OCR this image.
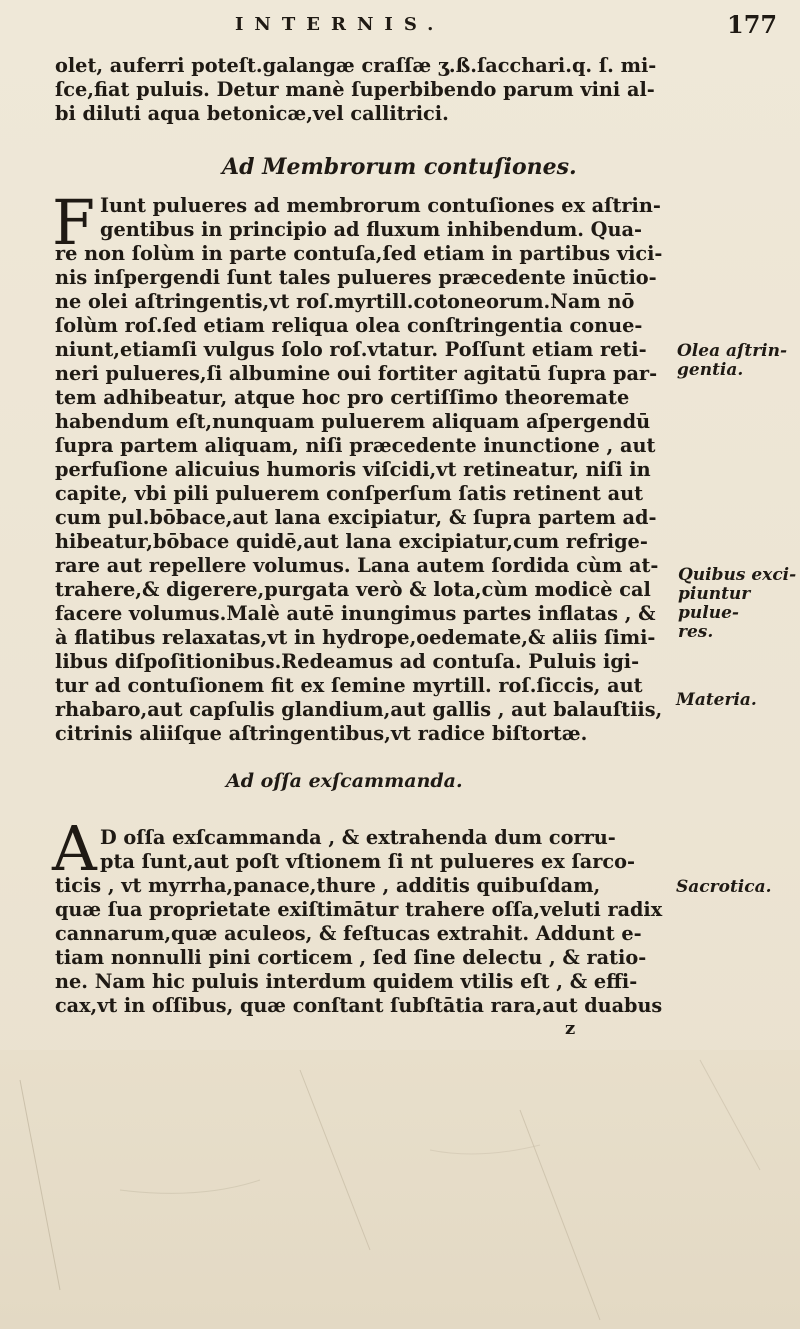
INTERNIS.	177
olet, auferri poteſt.galangæ craſſæ ʒ.ß.ſacchari.q. ſ. mi-
ſce,fiat puluis. Detur manè ſuperbibendo parum vini al-
bi diluti aqua betonicæ,vel callitrici.
Ad Membrorum contuſiones.
F Iunt pulueres ad membrorum contuſiones ex aſtrin-
gentibus in principio ad fluxum inhibendum. Qua-
re non ſolùm in parte contuſa,ſed etiam in partibus vici-
nis inſpergendi ſunt tales pulueres præcedente inūctio-
ne olei aſtringentis,vt roſ.myrtill.cotoneorum.Nam nō
ſolùm roſ.ſed etiam reliqua olea conſtringentia conue-
niunt,etiamſi vulgus ſolo roſ.vtatur. Poſſunt etiam reti-
neri pulueres,ſi albumine oui fortiter agitatū ſupra par-
tem adhibeatur, atque hoc pro certiſſimo theoremate
habendum eſt,nunquam puluerem aliquam aſpergendū
ſupra partem aliquam, niſi præcedente inunctione , aut
perfuſione alicuius humoris viſcidi,vt retineatur, niſi in
capite, vbi pili puluerem conſperſum ſatis retinent aut
cum pul.bōbace,aut lana excipiatur, & ſupra partem ad-
hibeatur,bōbace quidē,aut lana excipiatur,cum refrige-
rare aut repellere volumus. Lana autem ſordida cùm at-
trahere,& digerere,purgata verò & lota,cùm modicè cal
facere volumus.Malè autē inungimus partes inflatas , &
à flatibus relaxatas,vt in hydrope,oedemate,& aliis ſimi-
libus diſpoſitionibus.Redeamus ad contuſa. Puluis igi-
tur ad contuſionem fit ex ſemine myrtill. roſ.ſiccis, aut
rhabaro,aut capſulis glandium,aut gallis , aut balauſtiis,
citrinis aliiſque aſtringentibus,vt radice biſtortæ.
Olea aſtrin-
gentia.
Quibus exci-
piuntur pulue-
res.
Materia.
Ad oſſa exſcammanda.
A D oſſa exſcammanda , & extrahenda dum corru-
pta ſunt,aut poſt vſtionem ſi nt pulueres ex ſarco-
ticis , vt myrrha,panace,thure , additis quibuſdam,
quæ ſua proprietate exiſtimātur trahere oſſa,veluti radix
cannarum,quæ aculeos, & feſtucas extrahit. Addunt e-
tiam nonnulli pini corticem , ſed ſine delectu , & ratio-
ne. Nam hic puluis interdum quidem vtilis eſt , & effi-
cax,vt in oſſibus, quæ conſtant ſubſtātia rara,aut duabus
Sacrotica.
z
